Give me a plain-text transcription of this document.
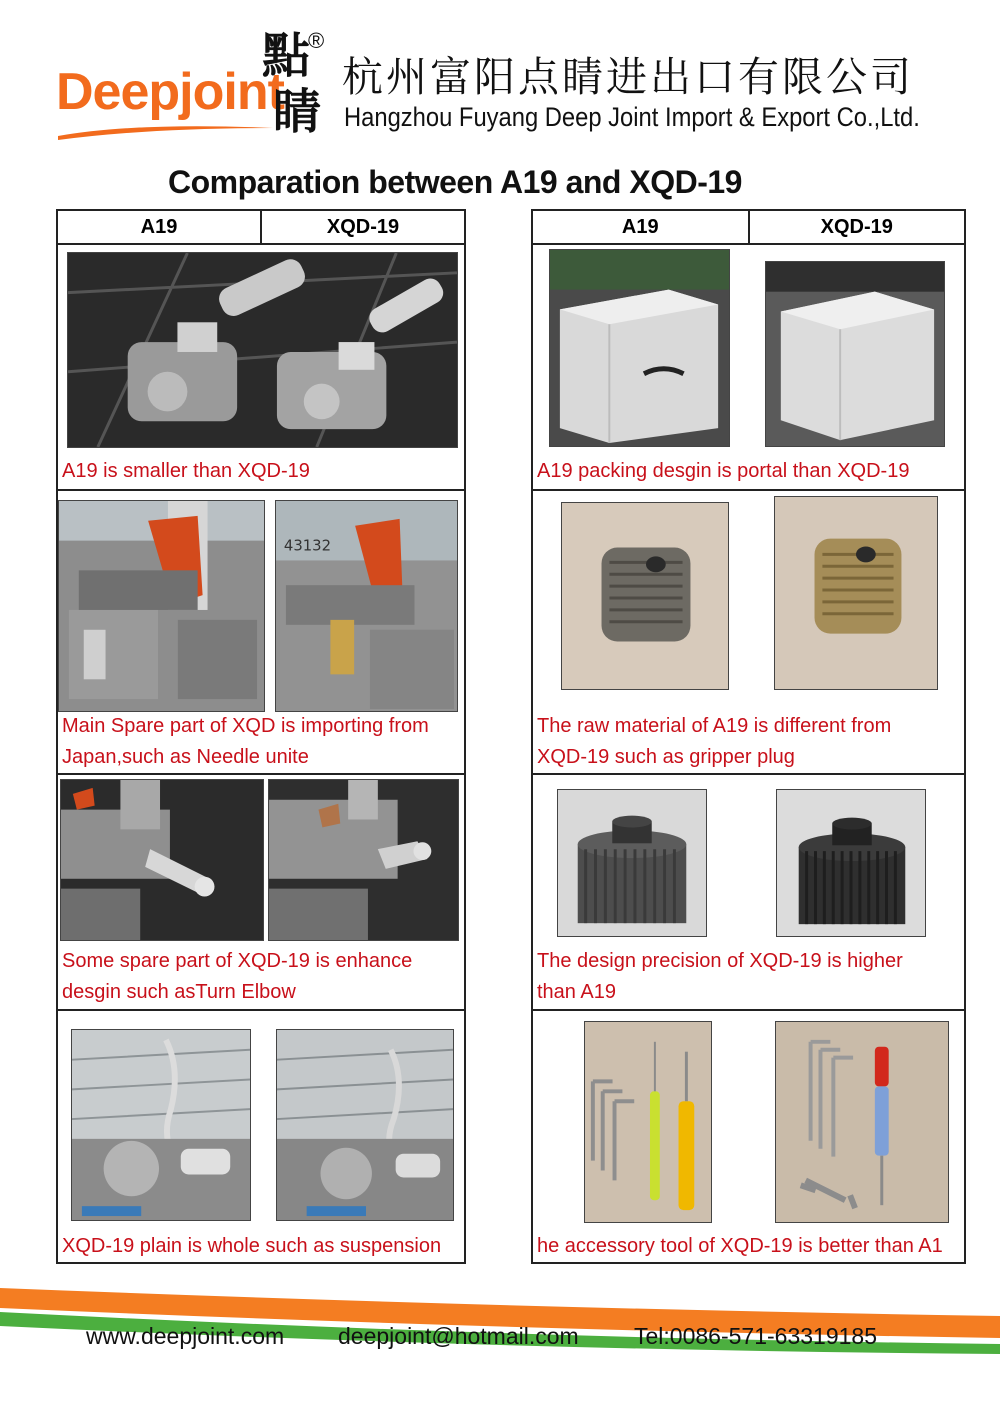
Deepjoint
點
睛
®
杭州富阳点睛进出口有限公司
Hangzhou Fuyang Deep Joint Import & Export Co.,Ltd.
Comparation between A19 and XQD-19
A19	XQD-19
A19 is smaller than XQD-19
43132
Main Spare part of XQD is importing from
Japan,such as Needle unite
Some spare part of XQD-19 is enhance
desgin such asTurn Elbow
XQD-19 plain is whole such as suspension
A19	XQD-19
A19 packing desgin is portal than XQD-19
The raw material of A19 is different from
XQD-19 such as gripper plug
The design precision of XQD-19 is higher
than A19
he accessory tool of XQD-19 is better than A1
www.deepjoint.com deepjoint@hotmail.com Tel:0086-571-63319185
